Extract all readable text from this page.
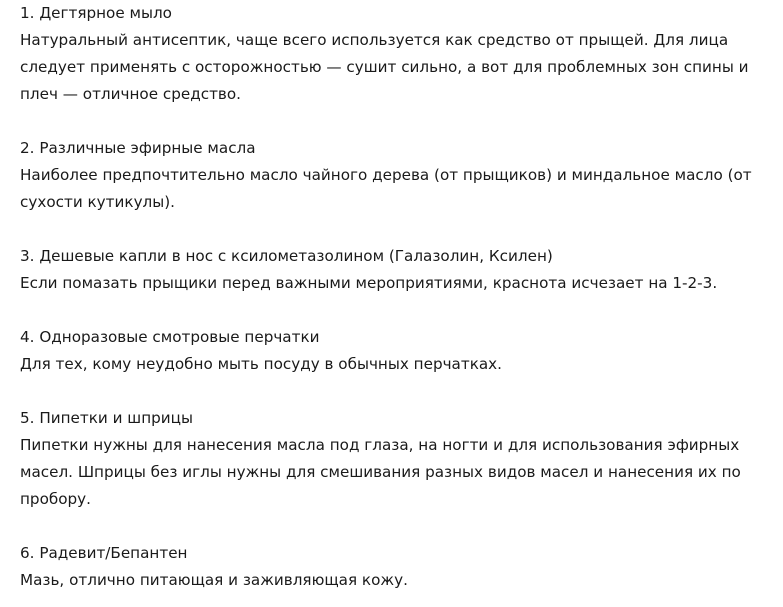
1. Дегтярное мыло
Натуральный антисептик, чаще всего используется как средство от прыщей. Для лица следует применять с осторожностью — сушит сильно, а вот для проблемных зон спины и плеч — отличное средство.
2. Различные эфирные масла
Наиболее предпочтительно масло чайного дерева (от прыщиков) и миндальное масло (от сухости кутикулы).
3. Дешевые капли в нос с ксилометазолином (Галазолин, Ксилен)
Если помазать прыщики перед важными мероприятиями, краснота исчезает на 1-2-3.
4. Одноразовые смотровые перчатки
Для тех, кому неудобно мыть посуду в обычных перчатках.
5. Пипетки и шприцы
Пипетки нужны для нанесения масла под глаза, на ногти и для использования эфирных масел. Шприцы без иглы нужны для смешивания разных видов масел и нанесения их по пробору.
6. Радевит/Бепантен
Мазь, отлично питающая и заживляющая кожу.
